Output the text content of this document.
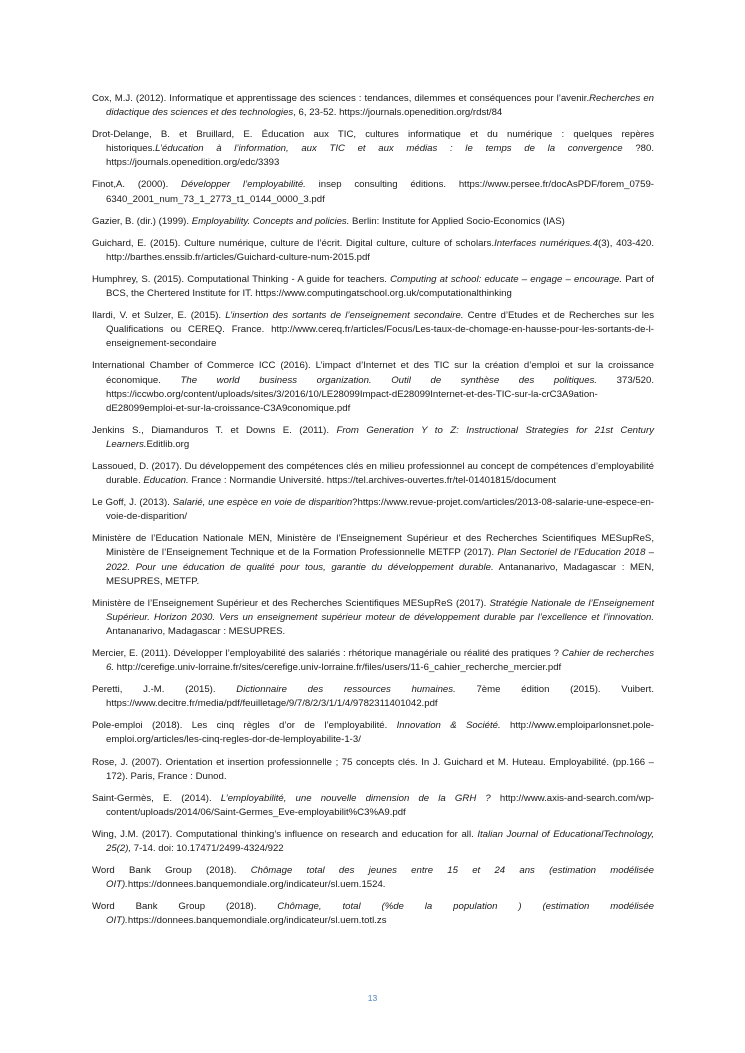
Cox, M.J. (2012). Informatique et apprentissage des sciences : tendances, dilemmes et conséquences pour l’avenir.Recherches en didactique des sciences et des technologies, 6, 23-52. https://journals.openedition.org/rdst/84

Drot-Delange, B. et Bruillard, E. Éducation aux TIC, cultures informatique et du numérique : quelques repères historiques.L’éducation à l’information, aux TIC et aux médias : le temps de la convergence ?80. https://journals.openedition.org/edc/3393

Finot,A. (2000). Développer l’employabilité. insep consulting éditions. https://www.persee.fr/docAsPDF/forem_0759-6340_2001_num_73_1_2773_t1_0144_0000_3.pdf

Gazier, B. (dir.) (1999). Employability. Concepts and policies. Berlin: Institute for Applied Socio-Economics (IAS)

Guichard, E. (2015). Culture numérique, culture de l’écrit. Digital culture, culture of scholars.Interfaces numériques.4(3), 403-420. http://barthes.enssib.fr/articles/Guichard-culture-num-2015.pdf

Humphrey, S. (2015). Computational Thinking - A guide for teachers. Computing at school: educate – engage – encourage. Part of BCS, the Chertered Institute for IT. https://www.computingatschool.org.uk/computationalthinking

Ilardi, V. et Sulzer, E. (2015). L’insertion des sortants de l’enseignement secondaire. Centre d’Etudes et de Recherches sur les Qualifications ou CEREQ. France. http://www.cereq.fr/articles/Focus/Les-taux-de-chomage-en-hausse-pour-les-sortants-de-l-enseignement-secondaire

International Chamber of Commerce ICC (2016). L’impact d’Internet et des TIC sur la création d’emploi et sur la croissance économique. The world business organization. Outil de synthèse des politiques. 373/520. https://iccwbo.org/content/uploads/sites/3/2016/10/LE28099Impact-dE28099Internet-et-des-TIC-sur-la-crC3A9ation-dE28099emploi-et-sur-la-croissance-C3A9conomique.pdf

Jenkins S., Diamanduros T. et Downs E. (2011). From Generation Y to Z: Instructional Strategies for 21st Century Learners.Editlib.org

Lassoued, D. (2017). Du développement des compétences clés en milieu professionnel au concept de compétences d’employabilité durable. Education. France : Normandie Université. https://tel.archives-ouvertes.fr/tel-01401815/document

Le Goff, J. (2013). Salarié, une espèce en voie de disparition?https://www.revue-projet.com/articles/2013-08-salarie-une-espece-en-voie-de-disparition/

Ministère de l’Education Nationale MEN, Ministère de l’Enseignement Supérieur et des Recherches Scientifiques MESupReS, Ministère de l’Enseignement Technique et de la Formation Professionnelle METFP (2017). Plan Sectoriel de l’Education 2018 – 2022. Pour une éducation de qualité pour tous, garantie du développement durable. Antananarivo, Madagascar : MEN, MESUPRES, METFP.

Ministère de l’Enseignement Supérieur et des Recherches Scientifiques MESupReS (2017). Stratégie Nationale de l’Enseignement Supérieur. Horizon 2030. Vers un enseignement supérieur moteur de développement durable par l’excellence et l’innovation. Antananarivo, Madagascar : MESUPRES.

Mercier, E. (2011). Développer l’employabilité des salariés : rhétorique managériale ou réalité des pratiques ? Cahier de recherches 6. http://cerefige.univ-lorraine.fr/sites/cerefige.univ-lorraine.fr/files/users/11-6_cahier_recherche_mercier.pdf

Peretti, J.-M. (2015). Dictionnaire des ressources humaines. 7ème édition (2015). Vuibert. https://www.decitre.fr/media/pdf/feuilletage/9/7/8/2/3/1/1/4/9782311401042.pdf

Pole-emploi (2018). Les cinq règles d’or de l’employabilité. Innovation & Société. http://www.emploiparlonsnet.pole-emploi.org/articles/les-cinq-regles-dor-de-lemployabilite-1-3/

Rose, J. (2007). Orientation et insertion professionnelle ; 75 concepts clés. In J. Guichard et M. Huteau. Employabilité. (pp.166 – 172). Paris, France : Dunod.

Saint-Germès, E. (2014). L’employabilité, une nouvelle dimension de la GRH ? http://www.axis-and-search.com/wp-content/uploads/2014/06/Saint-Germes_Eve-employabilit%C3%A9.pdf

Wing, J.M. (2017). Computational thinking’s influence on research and education for all. Italian Journal of EducationalTechnology, 25(2), 7-14. doi: 10.17471/2499-4324/922

Word Bank Group (2018). Chômage total des jeunes entre 15 et 24 ans (estimation modélisée OIT).https://donnees.banquemondiale.org/indicateur/sl.uem.1524.

Word Bank Group (2018). Chômage, total (%de la population ) (estimation modélisée OIT).https://donnees.banquemondiale.org/indicateur/sl.uem.totl.zs

13
